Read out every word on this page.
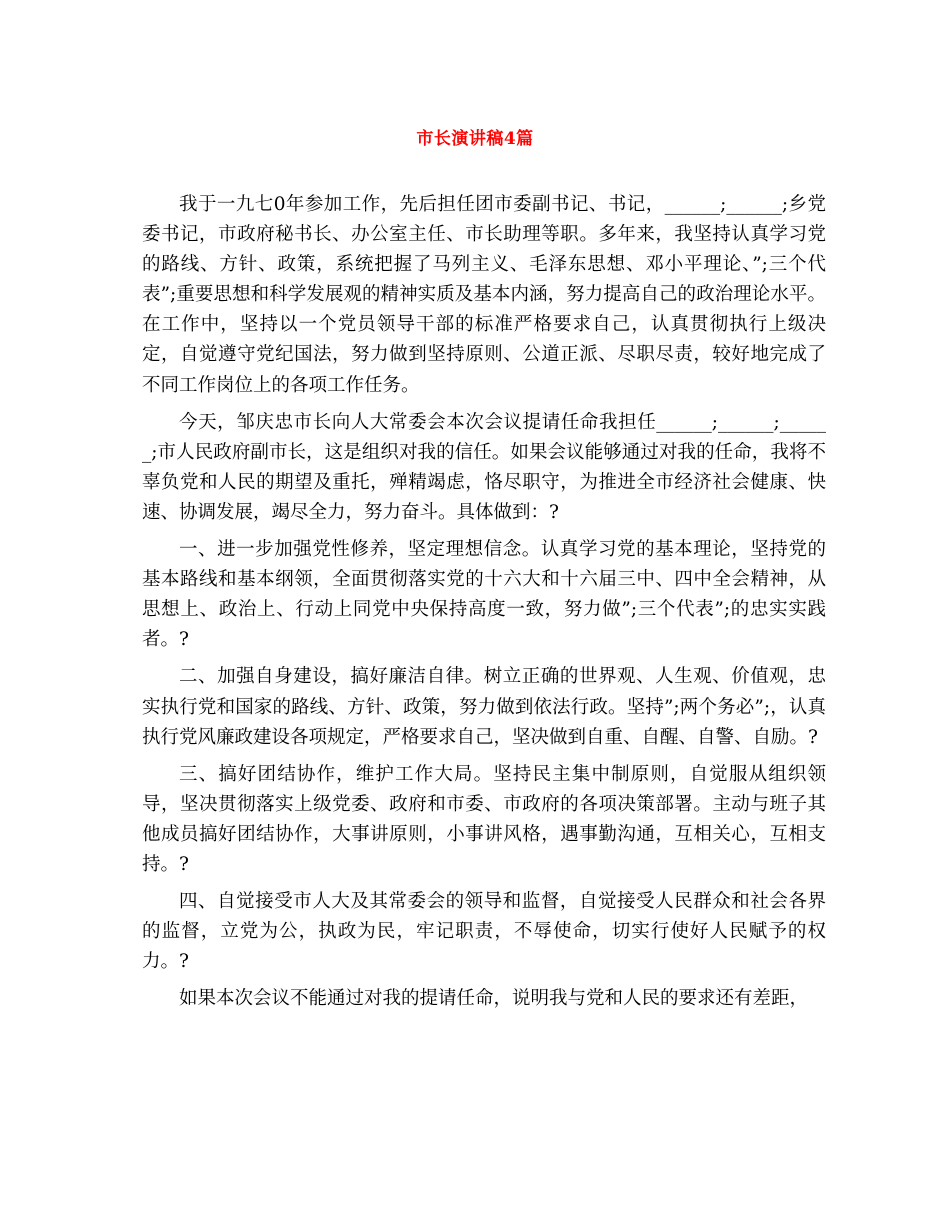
市长演讲稿4篇

我于一九七0年参加工作，先后担任团市委副书记、书记，______;______;乡党委书记，市政府秘书长、办公室主任、市长助理等职。多年来，我坚持认真学习党的路线、方针、政策，系统把握了马列主义、毛泽东思想、邓小平理论、”;三个代表”;重要思想和科学发展观的精神实质及基本内涵，努力提高自己的政治理论水平。在工作中，坚持以一个党员领导干部的标准严格要求自己，认真贯彻执行上级决定，自觉遵守党纪国法，努力做到坚持原则、公道正派、尽职尽责，较好地完成了不同工作岗位上的各项工作任务。

今天，邹庆忠市长向人大常委会本次会议提请任命我担任______;______;______;市人民政府副市长，这是组织对我的信任。如果会议能够通过对我的任命，我将不辜负党和人民的期望及重托，殚精竭虑，恪尽职守，为推进全市经济社会健康、快速、协调发展，竭尽全力，努力奋斗。具体做到：?

一、进一步加强党性修养，坚定理想信念。认真学习党的基本理论，坚持党的基本路线和基本纲领，全面贯彻落实党的十六大和十六届三中、四中全会精神，从思想上、政治上、行动上同党中央保持高度一致，努力做”;三个代表”;的忠实实践者。?

二、加强自身建设，搞好廉洁自律。树立正确的世界观、人生观、价值观，忠实执行党和国家的路线、方针、政策，努力做到依法行政。坚持”;两个务必”;，认真执行党风廉政建设各项规定，严格要求自己，坚决做到自重、自醒、自警、自励。?

三、搞好团结协作，维护工作大局。坚持民主集中制原则，自觉服从组织领导，坚决贯彻落实上级党委、政府和市委、市政府的各项决策部署。主动与班子其他成员搞好团结协作，大事讲原则，小事讲风格，遇事勤沟通，互相关心，互相支持。?

四、自觉接受市人大及其常委会的领导和监督，自觉接受人民群众和社会各界的监督，立党为公，执政为民，牢记职责，不辱使命，切实行使好人民赋予的权力。?

如果本次会议不能通过对我的提请任命，说明我与党和人民的要求还有差距，
